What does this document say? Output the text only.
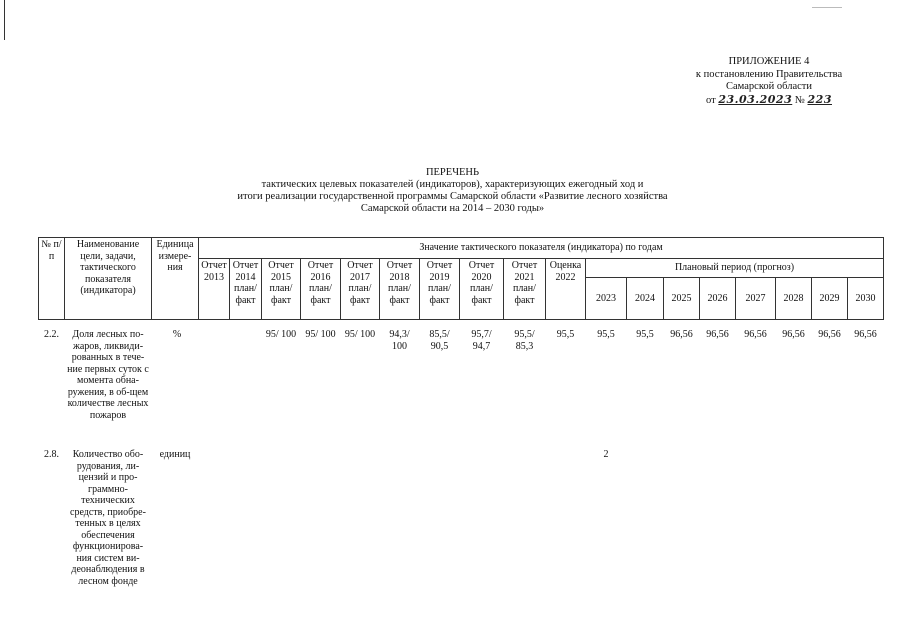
ПРИЛОЖЕНИЕ 4
к постановлению Правительства
Самарской области
от 23.03.2023 № 223
ПЕРЕЧЕНЬ
тактических целевых показателей (индикаторов), характеризующих ежегодный ход и
итоги реализации государственной программы Самарской области «Развитие лесного хозяйства
Самарской области на 2014 – 2030 годы»
№ п/п	Наименование цели, задачи, тактического показателя (индикатора)	Единица измере-ния	Значение тактического показателя (индикатора) по годам																	
			Отчет 2013	Отчет 2014 план/ факт	Отчет 2015 план/ факт	Отчет 2016 план/ факт	Отчет 2017 план/ факт	Отчет 2018 план/ факт	Отчет 2019 план/ факт	Отчет 2020 план/ факт	Отчет 2021 план/ факт	Оценка 2022	Плановый период (прогноз)							
													2023	2024	2025	2026	2027	2028	2029	2030

2.2.	Доля лесных по-жаров, ликвиди-рованных в тече-ние первых суток с момента обна-ружения, в об-щем количестве лесных пожаров	%			95/ 100	95/ 100	95/ 100	94,3/ 100	85,5/ 90,5	95,7/ 94,7	95,5/ 85,3	95,5	95,5	95,5	96,56	96,56	96,56	96,56	96,56	96,56

2.8.	Количество обо-рудования, ли-цензий и про-граммно-технических средств, приобре-тенных в целях обеспечения функционирова-ния систем ви-деонаблюдения в лесном фонде	единиц											2							
